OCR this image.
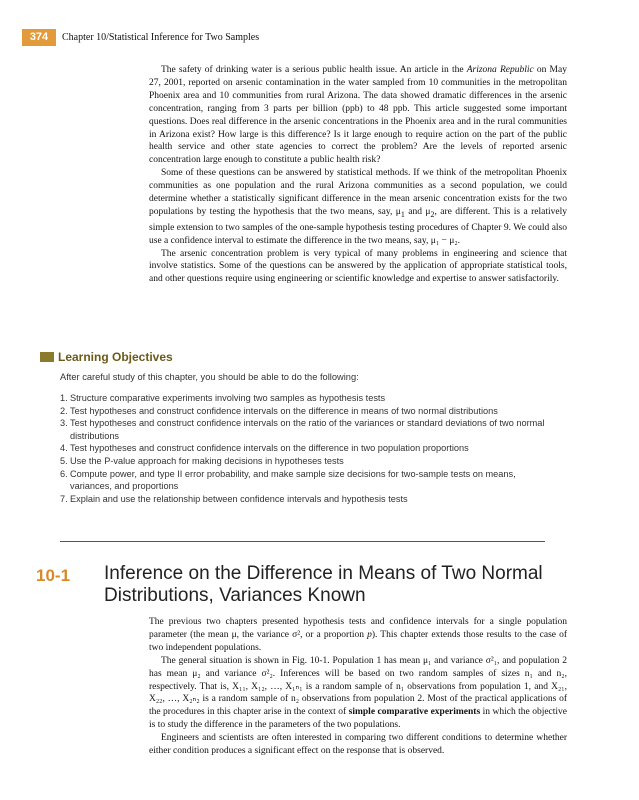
374	Chapter 10/Statistical Inference for Two Samples

The safety of drinking water is a serious public health issue. An article in the Arizona Republic on May 27, 2001, reported on arsenic contamination in the water sampled from 10 communities in the metropolitan Phoenix area and 10 communities from rural Arizona. The data showed dramatic differences in the arsenic concentration, ranging from 3 parts per billion (ppb) to 48 ppb. This article suggested some important questions. Does real difference in the arsenic concentrations in the Phoenix area and in the rural communities in Arizona exist? How large is this difference? Is it large enough to require action on the part of the public health service and other state agencies to correct the problem? Are the levels of reported arsenic concentration large enough to constitute a public health risk?

Some of these questions can be answered by statistical methods. If we think of the metropolitan Phoenix communities as one population and the rural Arizona communities as a second population, we could determine whether a statistically significant difference in the mean arsenic concentration exists for the two populations by testing the hypothesis that the two means, say, $\mu_1$ and $\mu_2$, are different. This is a relatively simple extension to two samples of the one-sample hypothesis testing procedures of Chapter 9. We could also use a confidence interval to estimate the difference in the two means, say, μ₁ − μ₂.

The arsenic concentration problem is very typical of many problems in engineering and science that involve statistics. Some of the questions can be answered by the application of appropriate statistical tools, and other questions require using engineering or scientific knowledge and expertise to answer satisfactorily.

Learning Objectives

After careful study of this chapter, you should be able to do the following:

1. Structure comparative experiments involving two samples as hypothesis tests
2. Test hypotheses and construct confidence intervals on the difference in means of two normal distributions
3. Test hypotheses and construct confidence intervals on the ratio of the variances or standard deviations of two normal distributions
4. Test hypotheses and construct confidence intervals on the difference in two population proportions
5. Use the P-value approach for making decisions in hypotheses tests
6. Compute power, and type II error probability, and make sample size decisions for two-sample tests on means, variances, and proportions
7. Explain and use the relationship between confidence intervals and hypothesis tests
10-1 Inference on the Difference in Means of Two Normal Distributions, Variances Known

The previous two chapters presented hypothesis tests and confidence intervals for a single population parameter (the mean μ, the variance σ², or a proportion p). This chapter extends those results to the case of two independent populations.

The general situation is shown in Fig. 10-1. Population 1 has mean μ₁ and variance σ²₁, and population 2 has mean μ₂ and variance σ²₂. Inferences will be based on two random samples of sizes n₁ and n₂, respectively. That is, X₁₁, X₁₂, …, X₁ₙ₁ is a random sample of n₁ observations from population 1, and X₂₁, X₂₂, …, X₂ₙ₂ is a random sample of n₂ observations from population 2. Most of the practical applications of the procedures in this chapter arise in the context of simple comparative experiments in which the objective is to study the difference in the parameters of the two populations.

Engineers and scientists are often interested in comparing two different conditions to determine whether either condition produces a significant effect on the response that is observed.
